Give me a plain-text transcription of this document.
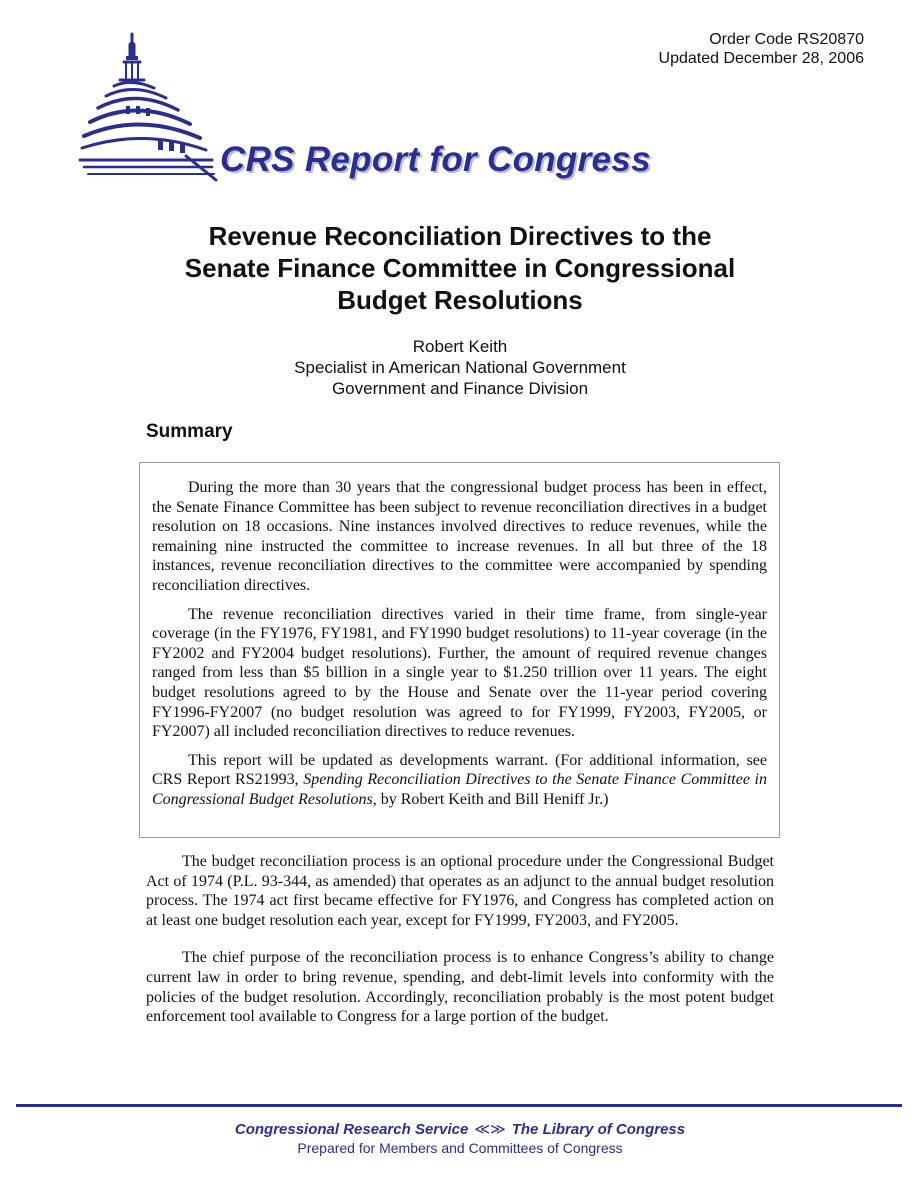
Order Code RS20870
Updated December 28, 2006
CRS Report for Congress
Revenue Reconciliation Directives to the
Senate Finance Committee in Congressional
Budget Resolutions
Robert Keith
Specialist in American National Government
Government and Finance Division
Summary

During the more than 30 years that the congressional budget process has been in effect, the Senate Finance Committee has been subject to revenue reconciliation directives in a budget resolution on 18 occasions. Nine instances involved directives to reduce revenues, while the remaining nine instructed the committee to increase revenues. In all but three of the 18 instances, revenue reconciliation directives to the committee were accompanied by spending reconciliation directives.

The revenue reconciliation directives varied in their time frame, from single-year coverage (in the FY1976, FY1981, and FY1990 budget resolutions) to 11-year coverage (in the FY2002 and FY2004 budget resolutions). Further, the amount of required revenue changes ranged from less than $5 billion in a single year to $1.250 trillion over 11 years. The eight budget resolutions agreed to by the House and Senate over the 11-year period covering FY1996-FY2007 (no budget resolution was agreed to for FY1999, FY2003, FY2005, or FY2007) all included reconciliation directives to reduce revenues.

This report will be updated as developments warrant. (For additional information, see CRS Report RS21993, Spending Reconciliation Directives to the Senate Finance Committee in Congressional Budget Resolutions, by Robert Keith and Bill Heniff Jr.)

The budget reconciliation process is an optional procedure under the Congressional Budget Act of 1974 (P.L. 93-344, as amended) that operates as an adjunct to the annual budget resolution process. The 1974 act first became effective for FY1976, and Congress has completed action on at least one budget resolution each year, except for FY1999, FY2003, and FY2005.

The chief purpose of the reconciliation process is to enhance Congress’s ability to change current law in order to bring revenue, spending, and debt-limit levels into conformity with the policies of the budget resolution. Accordingly, reconciliation probably is the most potent budget enforcement tool available to Congress for a large portion of the budget.

Congressional Research Service ≪≫ The Library of Congress
Prepared for Members and Committees of Congress
